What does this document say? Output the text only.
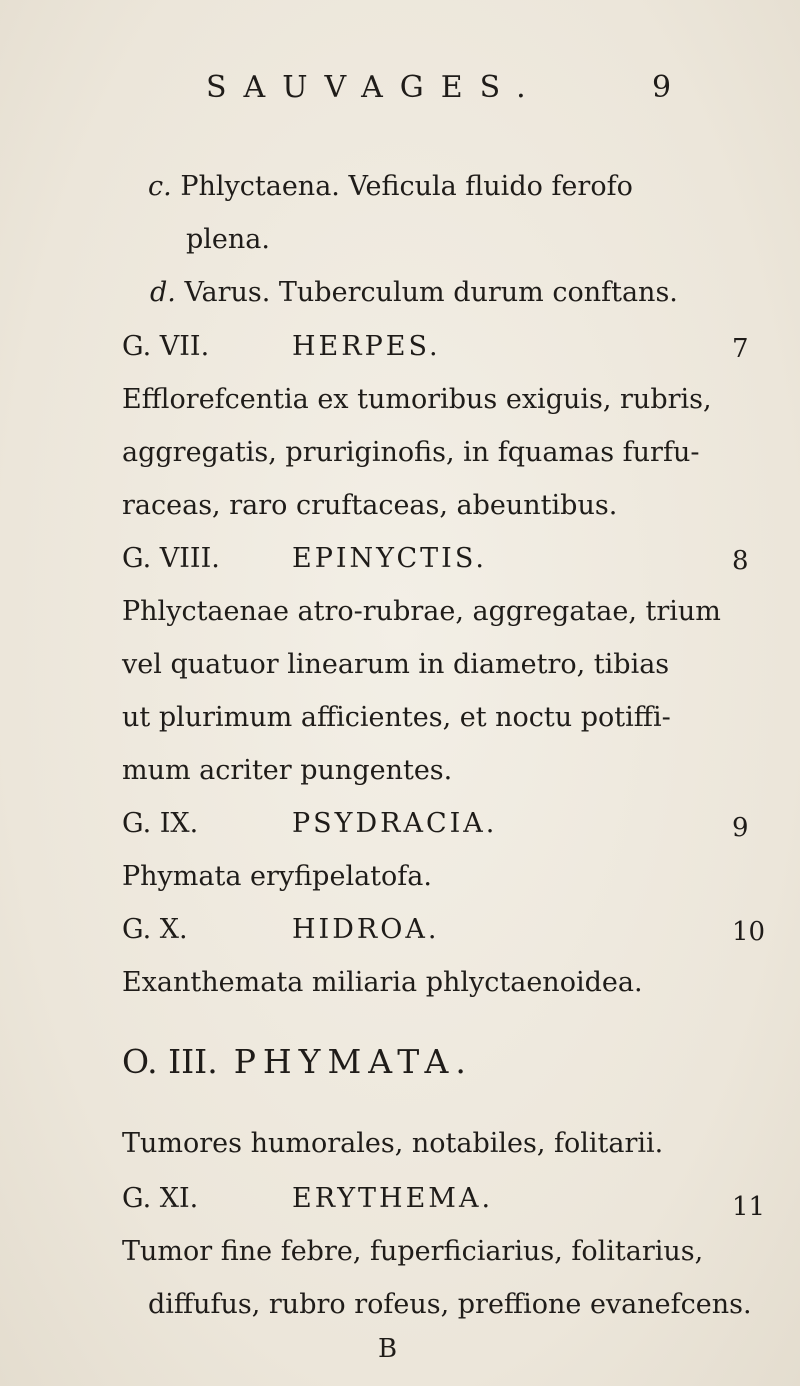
SAUVAGES.	9
c. Phlyctaena. Veficula fluido ferofo
plena.
d. Varus. Tuberculum durum conftans.
G. VII.	HERPES.	7
Efflorefcentia ex tumoribus exiguis, rubris,
aggregatis, pruriginofis, in fquamas furfu-
raceas, raro cruftaceas, abeuntibus.
G. VIII.	EPINYCTIS.	8
Phlyctaenae atro-rubrae, aggregatae, trium
vel quatuor linearum in diametro, tibias
ut plurimum afficientes, et noctu potiffi-
mum acriter pungentes.
G. IX.	PSYDRACIA.	9
Phymata eryfipelatofa.
G. X.	HIDROA.	10
Exanthemata miliaria phlyctaenoidea.
O. III. PHYMATA.
Tumores humorales, notabiles, folitarii.
G. XI.	ERYTHEMA.	11
Tumor fine febre, fuperficiarius, folitarius,
diffufus, rubro rofeus, preffione evanefcens.
B
